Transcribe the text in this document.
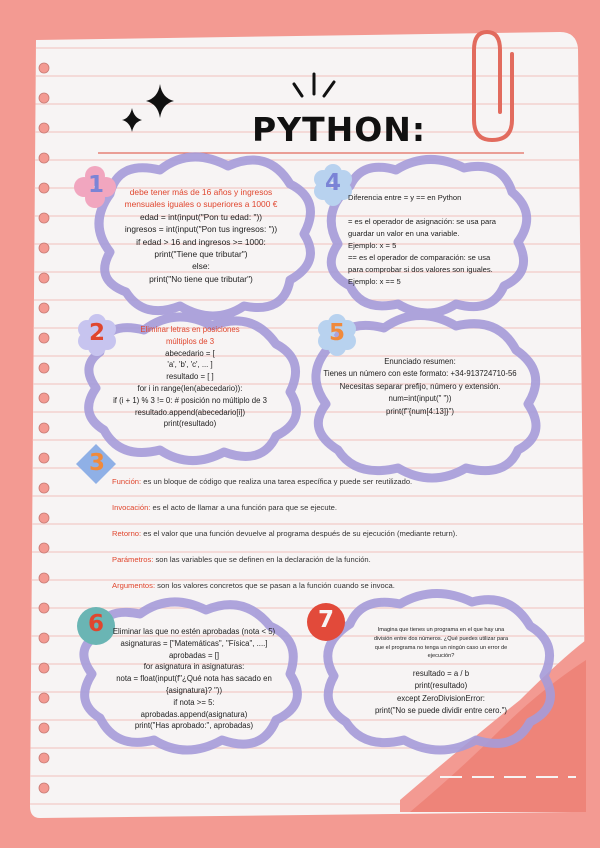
PYTHON:
1	4
2	5
3
6	7
debe tener más de 16 años y ingresos
mensuales iguales o superiores a 1000 €
edad = int(input("Pon tu edad: "))
ingresos = int(input("Pon tus ingresos: "))
if edad > 16 and ingresos >= 1000:
print("Tiene que tributar")
else:
print("No tiene que tributar")
Diferencia entre = y == en Python

= es el operador de asignación: se usa para
guardar un valor en una variable.
Ejemplo: x = 5
== es el operador de comparación: se usa
para comprobar si dos valores son iguales.
Ejemplo: x == 5
Eliminar letras en posiciones
múltiplos de 3
abecedario = [
'a', 'b', 'c', ... ]
resultado = [ ]
for i in range(len(abecedario)):
if (i + 1) % 3 != 0: # posición no múltiplo de 3
resultado.append(abecedario[i])
print(resultado)
Enunciado resumen:
Tienes un número con este formato: +34-913724710-56
Necesitas separar prefijo, número y extensión.
num=int(input(" "))
print(f"{num[4:13]}")
Función: es un bloque de código que realiza una tarea específica y puede ser reutilizado.
Invocación: es el acto de llamar a una función para que se ejecute.
Retorno: es el valor que una función devuelve al programa después de su ejecución (mediante return).
Parámetros: son las variables que se definen en la declaración de la función.
Argumentos: son los valores concretos que se pasan a la función cuando se invoca.
Eliminar las que no estén aprobadas (nota < 5)
asignaturas = ["Matemáticas", "Física", ....]
aprobadas = []
for asignatura in asignaturas:
nota = float(input(f"¿Qué nota has sacado en
{asignatura}? "))
if nota >= 5:
aprobadas.append(asignatura)
print("Has aprobado:", aprobadas)
Imagina que tienes un programa en el que hay una
división entre dos números. ¿Qué puedes utilizar para
que el programa no tenga un ningún caso un error de
ejecución?
resultado = a / b
print(resultado)
except ZeroDivisionError:
print("No se puede dividir entre cero.")
